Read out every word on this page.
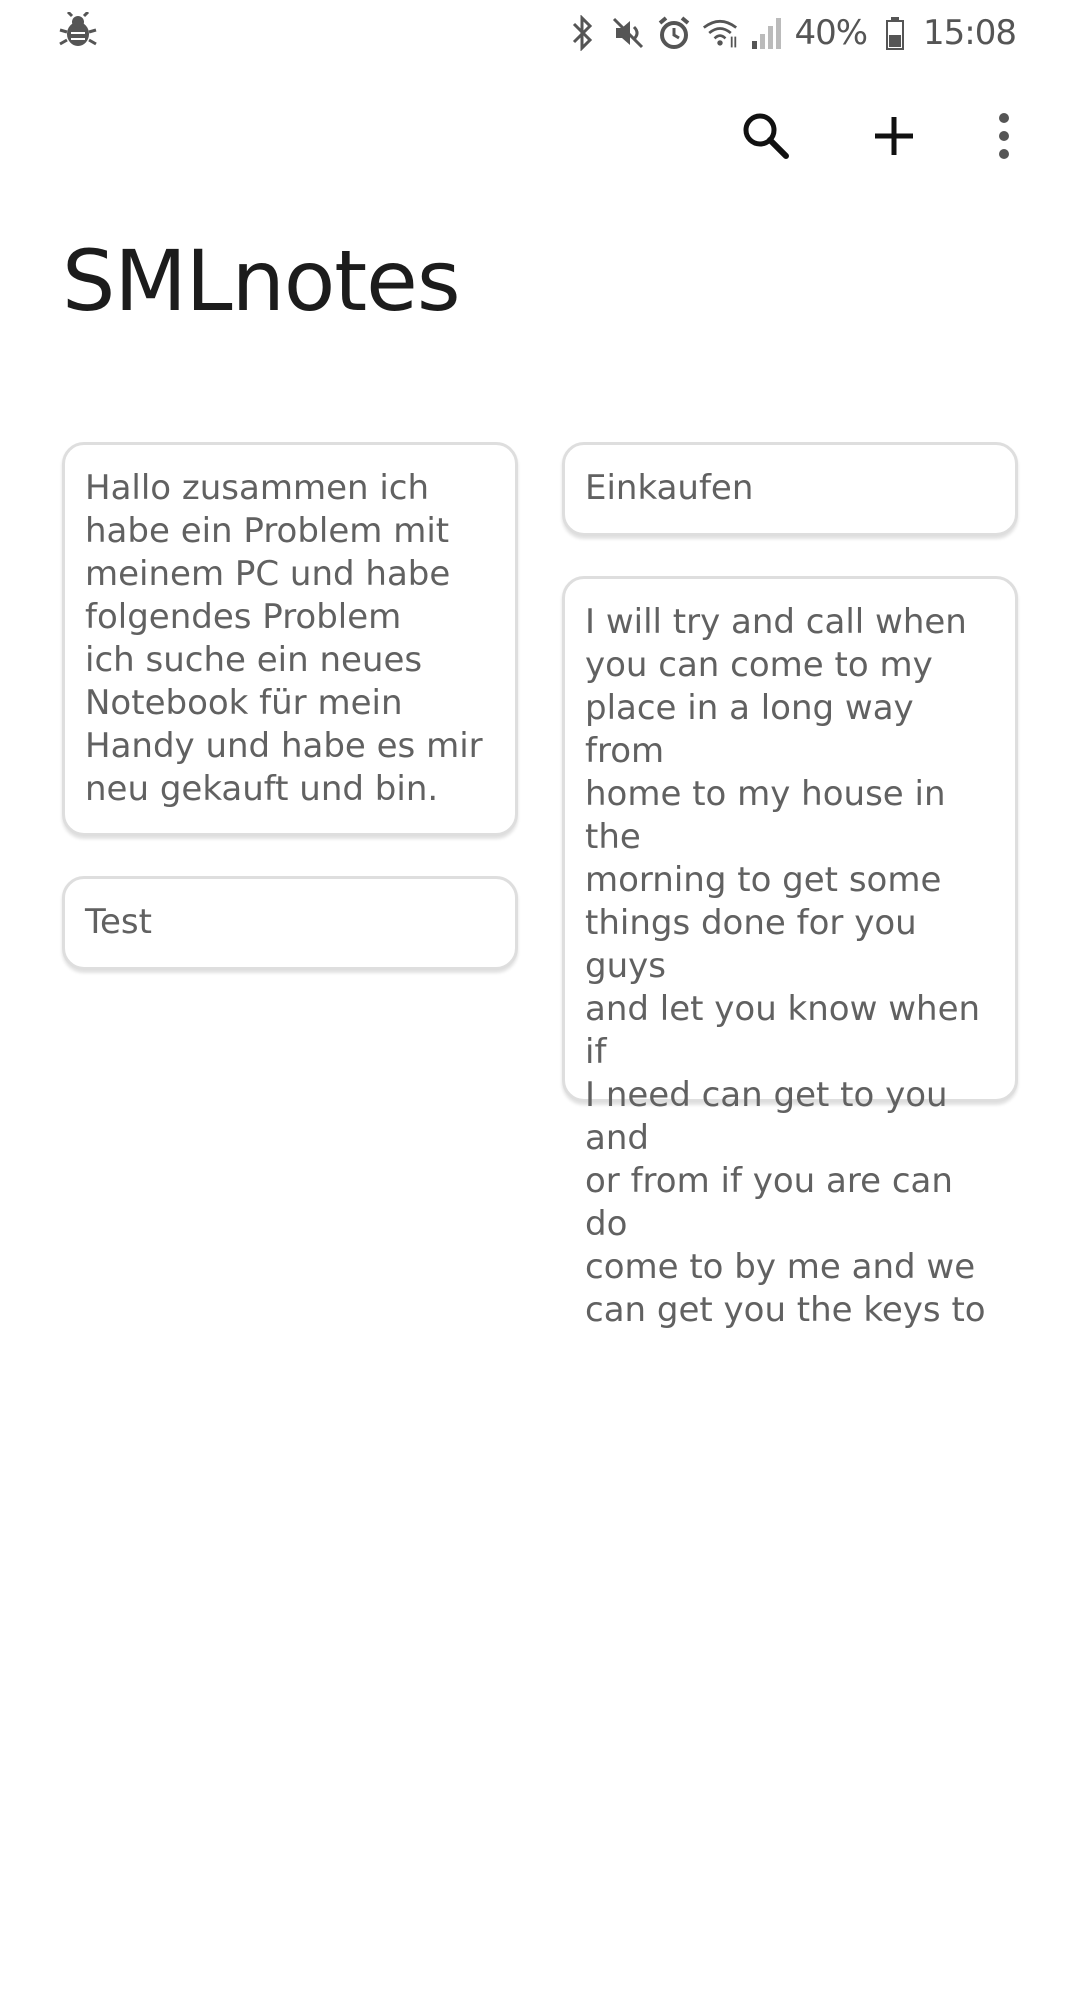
40% 15:08
SMLnotes
Hallo zusammen ich
habe ein Problem mit
meinem PC und habe
folgendes Problem
ich suche ein neues
Notebook für mein
Handy und habe es mir
neu gekauft und bin.
Test
Einkaufen
I will try and call when
you can come to my
place in a long way from
home to my house in the
morning to get some
things done for you guys
and let you know when if
I need can get to you and
or from if you are can do
come to by me and we
can get you the keys to
